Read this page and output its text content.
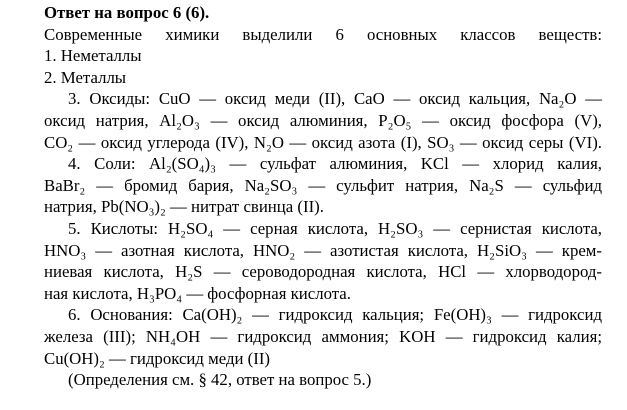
Ответ на вопрос 6 (6).
Современные химики выделили 6 основных классов веществ:
1. Неметаллы
2. Металлы
3. Оксиды: CuO — оксид меди (II), CaO — оксид кальция, Na₂O —
оксид натрия, Al₂O₃ — оксид алюминия, P₂O₅ — оксид фосфора (V),
CO₂ — оксид углерода (IV), N₂O — оксид азота (I), SO₃ — оксид серы (VI).
4. Соли: Al₂(SO₄)₃ — сульфат алюминия, KCl — хлорид калия,
BaBr₂ — бромид бария, Na₂SO₃ — сульфит натрия, Na₂S — сульфид
натрия, Pb(NO₃)₂ — нитрат свинца (II).
5. Кислоты: H₂SO₄ — серная кислота, H₂SO₃ — сернистая кислота,
HNO₃ — азотная кислота, HNO₂ — азотистая кислота, H₂SiO₃ — крем-
ниевая кислота, H₂S — сероводородная кислота, HCl — хлорводород-
ная кислота, H₃PO₄ — фосфорная кислота.
6. Основания: Ca(OH)₂ — гидроксид кальция; Fe(OH)₃ — гидроксид
железа (III); NH₄OH — гидроксид аммония; KOH — гидроксид калия;
Cu(OH)₂ — гидроксид меди (II)
(Определения см. § 42, ответ на вопрос 5.)
